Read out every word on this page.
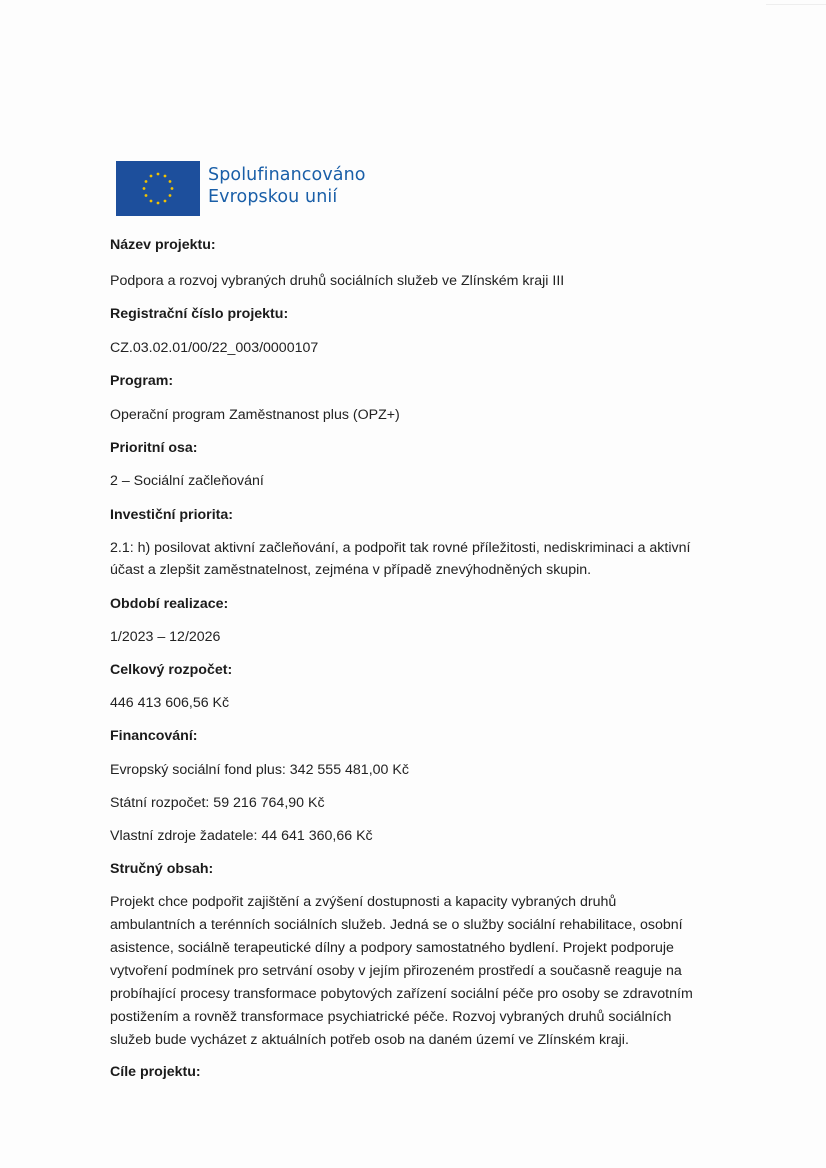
Spolufinancováno
Evropskou unií
Název projektu:
Podpora a rozvoj vybraných druhů sociálních služeb ve Zlínském kraji III
Registrační číslo projektu:
CZ.03.02.01/00/22_003/0000107
Program:
Operační program Zaměstnanost plus (OPZ+)
Prioritní osa:
2 – Sociální začleňování
Investiční priorita:
2.1: h) posilovat aktivní začleňování, a podpořit tak rovné příležitosti, nediskriminaci a aktivní
účast a zlepšit zaměstnatelnost, zejména v případě znevýhodněných skupin.
Období realizace:
1/2023 – 12/2026
Celkový rozpočet:
446 413 606,56 Kč
Financování:
Evropský sociální fond plus: 342 555 481,00 Kč
Státní rozpočet: 59 216 764,90 Kč
Vlastní zdroje žadatele: 44 641 360,66 Kč
Stručný obsah:
Projekt chce podpořit zajištění a zvýšení dostupnosti a kapacity vybraných druhů
ambulantních a terénních sociálních služeb. Jedná se o služby sociální rehabilitace, osobní
asistence, sociálně terapeutické dílny a podpory samostatného bydlení. Projekt podporuje
vytvoření podmínek pro setrvání osoby v jejím přirozeném prostředí a současně reaguje na
probíhající procesy transformace pobytových zařízení sociální péče pro osoby se zdravotním
postižením a rovněž transformace psychiatrické péče. Rozvoj vybraných druhů sociálních
služeb bude vycházet z aktuálních potřeb osob na daném území ve Zlínském kraji.
Cíle projektu:
